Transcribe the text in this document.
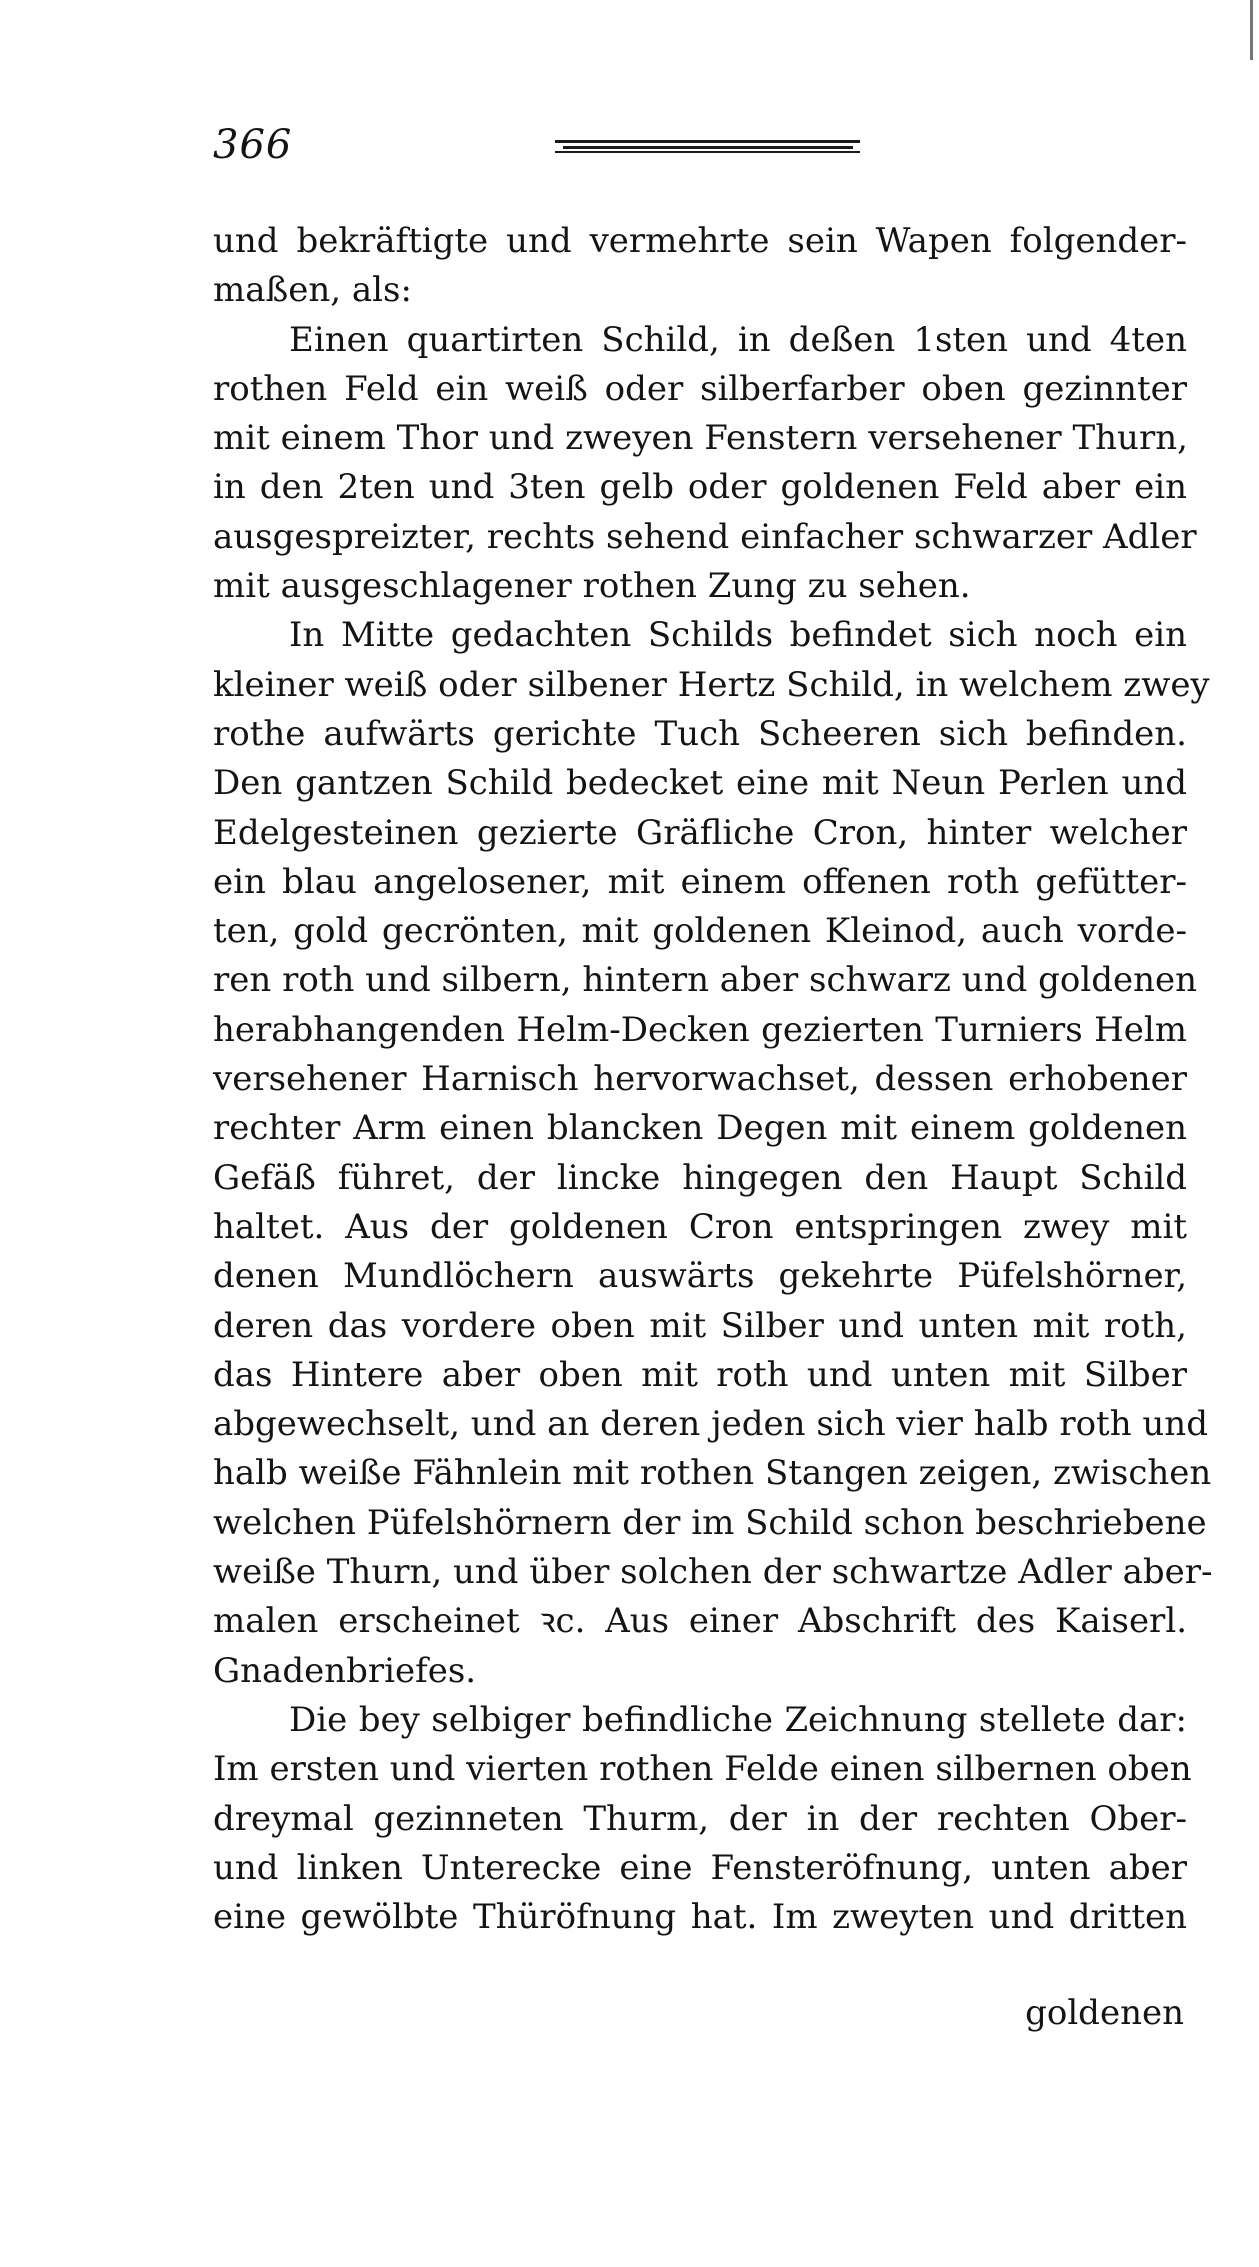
366
und bekräftigte und vermehrte sein Wapen folgender-
maßen, als:
Einen quartirten Schild, in deßen 1sten und 4ten
rothen Feld ein weiß oder silberfarber oben gezinnter
mit einem Thor und zweyen Fenstern versehener Thurn,
in den 2ten und 3ten gelb oder goldenen Feld aber ein
ausgespreizter, rechts sehend einfacher schwarzer Adler
mit ausgeschlagener rothen Zung zu sehen.
In Mitte gedachten Schilds befindet sich noch ein
kleiner weiß oder silbener Hertz Schild, in welchem zwey
rothe aufwärts gerichte Tuch Scheeren sich befinden.
Den gantzen Schild bedecket eine mit Neun Perlen und
Edelgesteinen gezierte Gräfliche Cron, hinter welcher
ein blau angelosener, mit einem offenen roth gefütter-
ten, gold gecrönten, mit goldenen Kleinod, auch vorde-
ren roth und silbern, hintern aber schwarz und goldenen
herabhangenden Helm-Decken gezierten Turniers Helm
versehener Harnisch hervorwachset, dessen erhobener
rechter Arm einen blancken Degen mit einem goldenen
Gefäß führet, der lincke hingegen den Haupt Schild
haltet. Aus der goldenen Cron entspringen zwey mit
denen Mundlöchern auswärts gekehrte Püfelshörner,
deren das vordere oben mit Silber und unten mit roth,
das Hintere aber oben mit roth und unten mit Silber
abgewechselt, und an deren jeden sich vier halb roth und
halb weiße Fähnlein mit rothen Stangen zeigen, zwischen
welchen Püfelshörnern der im Schild schon beschriebene
weiße Thurn, und über solchen der schwartze Adler aber-
malen erscheinet ꝛc. Aus einer Abschrift des Kaiserl.
Gnadenbriefes.
Die bey selbiger befindliche Zeichnung stellete dar:
Im ersten und vierten rothen Felde einen silbernen oben
dreymal gezinneten Thurm, der in der rechten Ober-
und linken Unterecke eine Fensteröfnung, unten aber
eine gewölbte Thüröfnung hat. Im zweyten und dritten
goldenen
